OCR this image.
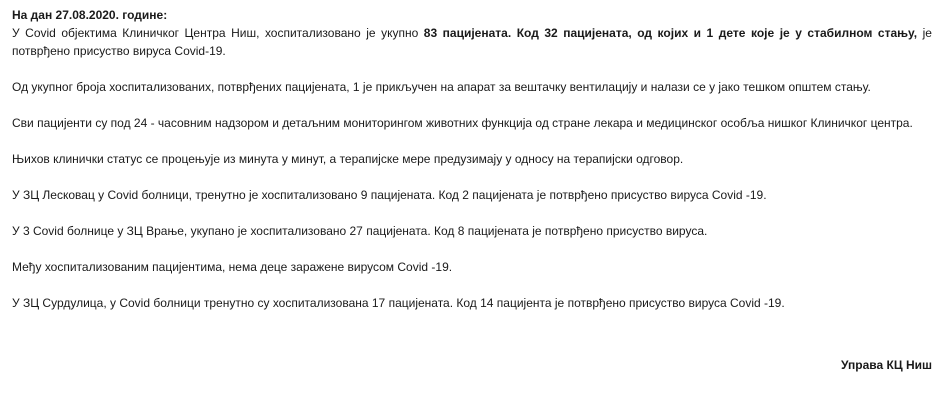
На дан 27.08.2020. године:

У Covid објектима Клиничког Центра Ниш, хоспитализовано је укупно 83 пацијената. Код 32 пацијената, од којих и 1 дете које је у стабилном стању, је потврђено присуство вируса Covid-19.

Од укупног броја хоспитализованих, потврђених пацијената, 1 је прикључен на апарат за вештачку вентилацију и налази се у јако тешком општем стању.

Сви пацијенти су под 24 - часовним надзором и детаљним мониторингом животних функција од стране лекара и медицинског особља нишког Клиничког центра.

Њихов клинички статус се процењује из минута у минут, а терапијске мере предузимају у односу на терапијски одговор.

У ЗЦ Лесковац у Covid болници, тренутно је хоспитализовано 9 пацијената. Код 2 пацијената је потврђено присуство вируса Covid -19.

У 3 Covid болнице у ЗЦ Врање, укупано је хоспитализовано 27 пацијената. Код 8 пацијената је потврђено присуство вируса.

Међу хоспитализованим пацијентима, нема деце заражене вирусом Covid -19.

У ЗЦ Сурдулица, у Covid болници тренутно су хоспитализована 17 пацијената. Код 14 пацијента је потврђено присуство вируса Covid -19.

Управа КЦ Ниш
